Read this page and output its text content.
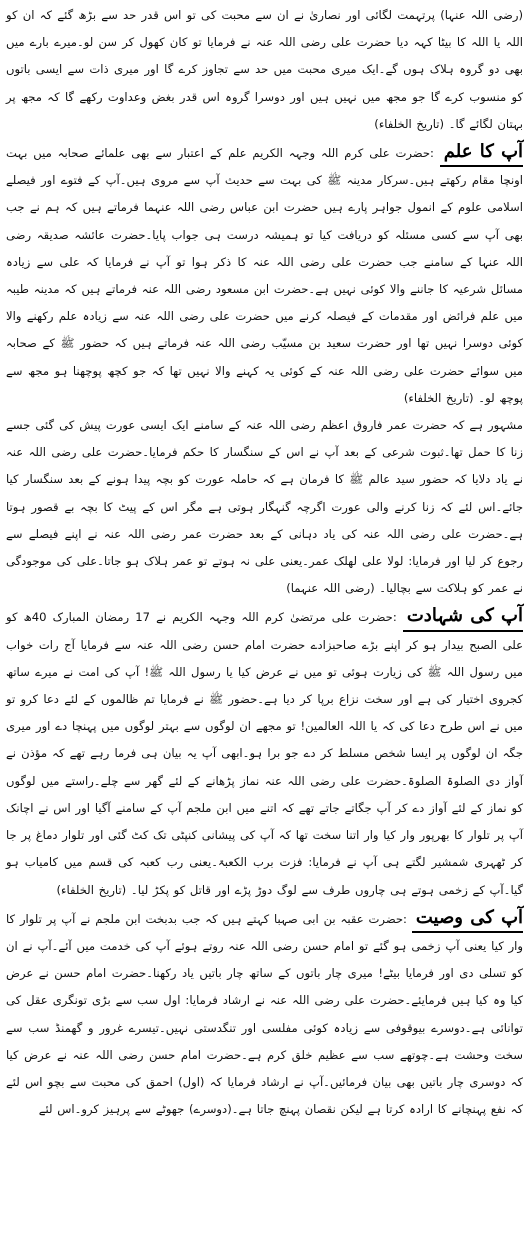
(رضی اللہ عنہا) پرتہمت لگائی اور نصاریٰ نے ان سے محبت کی تو اس قدر حد سے بڑھ گئے کہ ان کو اللہ یا اللہ کا بیٹا کہہ دیا حضرت علی رضی اللہ عنہ نے فرمایا تو کان کھول کر سن لو۔میرے بارے میں بھی دو گروہ ہلاک ہوں گے۔ایک میری محبت میں حد سے تجاوز کرے گا اور میری ذات سے ایسی باتوں کو منسوب کرے گا جو مجھ میں نہیں ہیں اور دوسرا گروہ اس قدر بغض وعداوت رکھے گا کہ مجھ پر بہتان لگائے گا۔ (تاریخ الخلفاء)

آپ کا علم :حضرت علی کرم اللہ وجہہ الکریم علم کے اعتبار سے بھی علمائے صحابہ میں بہت اونچا مقام رکھتے ہیں۔سرکار مدینہ ﷺ کی بہت سے حدیث آپ سے مروی ہیں۔آپ کے فتوے اور فیصلے اسلامی علوم کے انمول جواہر پارے ہیں حضرت ابن عباس رضی اللہ عنہما فرماتے ہیں کہ ہم نے جب بھی آپ سے کسی مسئلہ کو دریافت کیا تو ہمیشہ درست ہی جواب پایا۔حضرت عائشہ صدیقہ رضی اللہ عنہا کے سامنے جب حضرت علی رضی اللہ عنہ کا ذکر ہوا تو آپ نے فرمایا کہ علی سے زیادہ مسائل شرعیہ کا جاننے والا کوئی نہیں ہے۔حضرت ابن مسعود رضی اللہ عنہ فرماتے ہیں کہ مدینہ طیبہ میں علم فرائض اور مقدمات کے فیصلہ کرنے میں حضرت علی رضی اللہ عنہ سے زیادہ علم رکھنے والا کوئی دوسرا نہیں تھا اور حضرت سعید بن مسیّب رضی اللہ عنہ فرماتے ہیں کہ حضور ﷺ کے صحابہ میں سوائے حضرت علی رضی اللہ عنہ کے کوئی یہ کہنے والا نہیں تھا کہ جو کچھ پوچھنا ہو مجھ سے پوچھ لو۔ (تاریخ الخلفاء)

مشہور ہے کہ حضرت عمر فاروق اعظم رضی اللہ عنہ کے سامنے ایک ایسی عورت پیش کی گئی جسے زنا کا حمل تھا۔ثبوت شرعی کے بعد آپ نے اس کے سنگسار کا حکم فرمایا۔حضرت علی رضی اللہ عنہ نے یاد دلایا کہ حضور سید عالم ﷺ کا فرمان ہے کہ حاملہ عورت کو بچہ پیدا ہونے کے بعد سنگسار کیا جائے۔اس لئے کہ زنا کرنے والی عورت اگرچہ گنہگار ہوتی ہے مگر اس کے پیٹ کا بچہ بے قصور ہوتا ہے۔حضرت علی رضی اللہ عنہ کی یاد دہانی کے بعد حضرت عمر رضی اللہ عنہ نے اپنے فیصلے سے رجوع کر لیا اور فرمایا: لولا علی لھلک عمر۔یعنی علی نہ ہوتے تو عمر ہلاک ہو جاتا۔علی کی موجودگی نے عمر کو ہلاکت سے بچالیا۔ (رضی اللہ عنہما)

آپ کی شہادت :حضرت علی مرتضیٰ کرم اللہ وجہہ الکریم نے 17 رمضان المبارک 40ھ کو علی الصبح بیدار ہو کر اپنے بڑے صاحبزادے حضرت امام حسن رضی اللہ عنہ سے فرمایا آج رات خواب میں رسول اللہ ﷺ کی زیارت ہوئی تو میں نے عرض کیا یا رسول اللہ ﷺ! آپ کی امت نے میرے ساتھ کجروی اختیار کی ہے اور سخت نزاع برپا کر دیا ہے۔حضور ﷺ نے فرمایا تم ظالموں کے لئے دعا کرو تو میں نے اس طرح دعا کی کہ یا اللہ العالمین! تو مجھے ان لوگوں سے بہتر لوگوں میں پہنچا دے اور میری جگہ ان لوگوں پر ایسا شخص مسلط کر دے جو برا ہو۔ابھی آپ یہ بیان ہی فرما رہے تھے کہ مؤذن نے آواز دی الصلوۃ الصلوۃ۔حضرت علی رضی اللہ عنہ نماز پڑھانے کے لئے گھر سے چلے۔راستے میں لوگوں کو نماز کے لئے آواز دے کر آپ جگاتے جاتے تھے کہ اتنے میں ابن ملجم آپ کے سامنے آگیا اور اس نے اچانک آپ پر تلوار کا بھرپور وار کیا وار اتنا سخت تھا کہ آپ کی پیشانی کنپٹی تک کٹ گئی اور تلوار دماغ پر جا کر ٹھہری شمشیر لگتے ہی آپ نے فرمایا: فزت برب الکعبۃ۔یعنی رب کعبہ کی قسم میں کامیاب ہو گیا۔آپ کے زخمی ہوتے ہی چاروں طرف سے لوگ دوڑ پڑے اور قاتل کو پکڑ لیا۔ (تاریخ الخلفاء)

آپ کی وصیت :حضرت عقبہ بن ابی صہبا کہتے ہیں کہ جب بدبخت ابن ملجم نے آپ پر تلوار کا وار کیا یعنی آپ زخمی ہو گئے تو امام حسن رضی اللہ عنہ روتے ہوئے آپ کی خدمت میں آئے۔آپ نے ان کو تسلی دی اور فرمایا بیٹے! میری چار باتوں کے ساتھ چار باتیں یاد رکھنا۔حضرت امام حسن نے عرض کیا وہ کیا ہیں فرمایئے۔حضرت علی رضی اللہ عنہ نے ارشاد فرمایا: اول سب سے بڑی تونگری عقل کی توانائی ہے۔دوسرے بیوقوفی سے زیادہ کوئی مفلسی اور تنگدستی نہیں۔تیسرے غرور و گھمنڈ سب سے سخت وحشت ہے۔چوتھے سب سے عظیم خلق کرم ہے۔حضرت امام حسن رضی اللہ عنہ نے عرض کیا کہ دوسری چار باتیں بھی بیان فرمائیں۔آپ نے ارشاد فرمایا کہ (اول) احمق کی محبت سے بچو اس لئے کہ نفع پہنچانے کا ارادہ کرتا ہے لیکن نقصان پہنچ جاتا ہے۔(دوسرے) جھوٹے سے پرہیز کرو۔اس لئے
